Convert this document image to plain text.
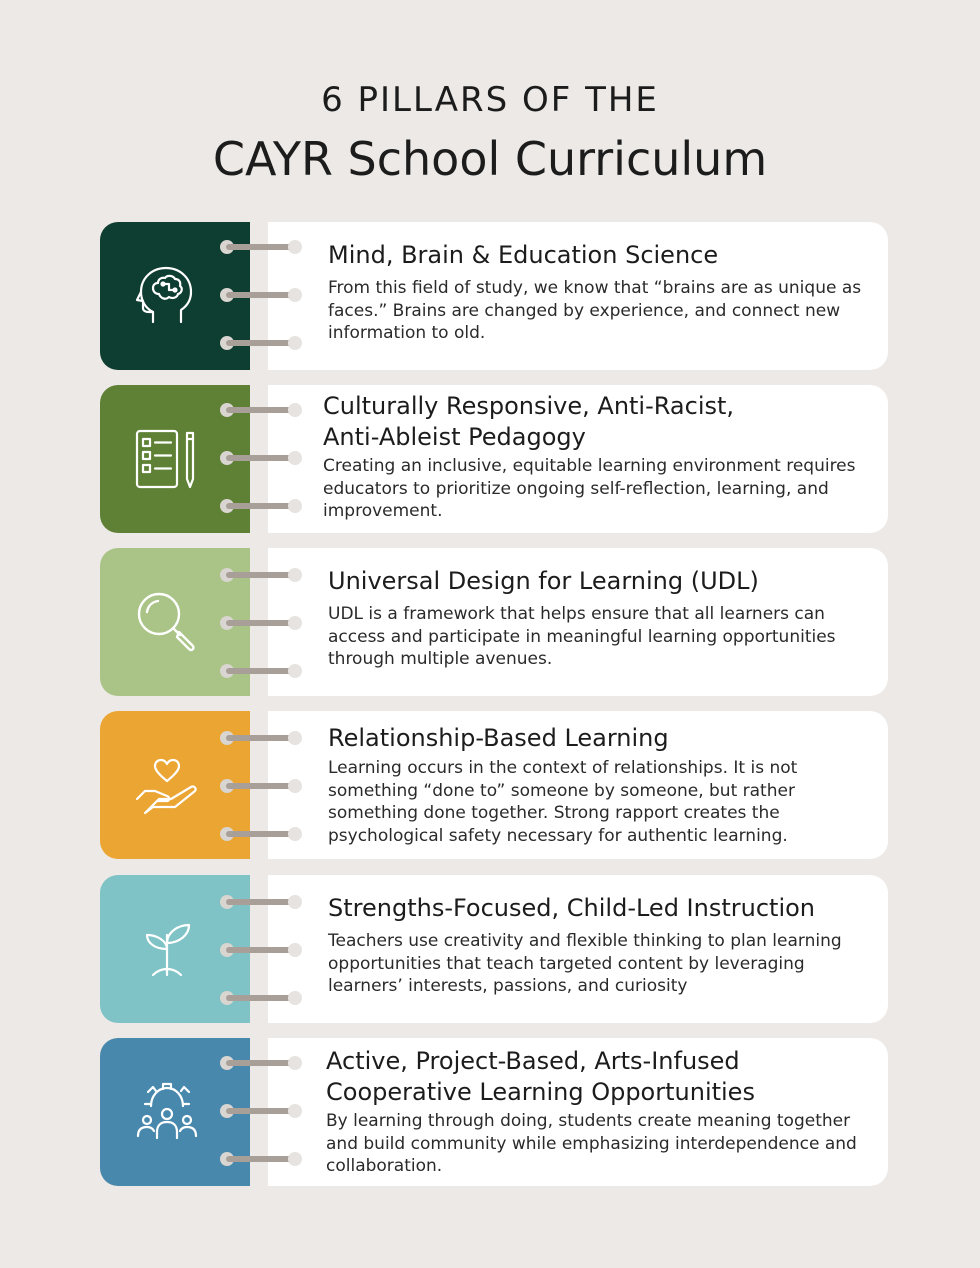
6 PILLARS OF THE
CAYR School Curriculum
Mind, Brain & Education Science
From this field of study, we know that “brains are as unique as faces.” Brains are changed by experience, and connect new information to old.
Culturally Responsive, Anti-Racist,
Anti-Ableist Pedagogy
Creating an inclusive, equitable learning environment requires educators to prioritize ongoing self-reflection, learning, and improvement.
Universal Design for Learning (UDL)
UDL is a framework that helps ensure that all learners can access and participate in meaningful learning opportunities through multiple avenues.
Relationship-Based Learning
Learning occurs in the context of relationships. It is not something “done to” someone by someone, but rather something done together. Strong rapport creates the psychological safety necessary for authentic learning.
Strengths-Focused, Child-Led Instruction
Teachers use creativity and flexible thinking to plan learning opportunities that teach targeted content by leveraging learners’ interests, passions, and curiosity
Active, Project-Based, Arts-Infused
Cooperative Learning Opportunities
By learning through doing, students create meaning together and build community while emphasizing interdependence and collaboration.
